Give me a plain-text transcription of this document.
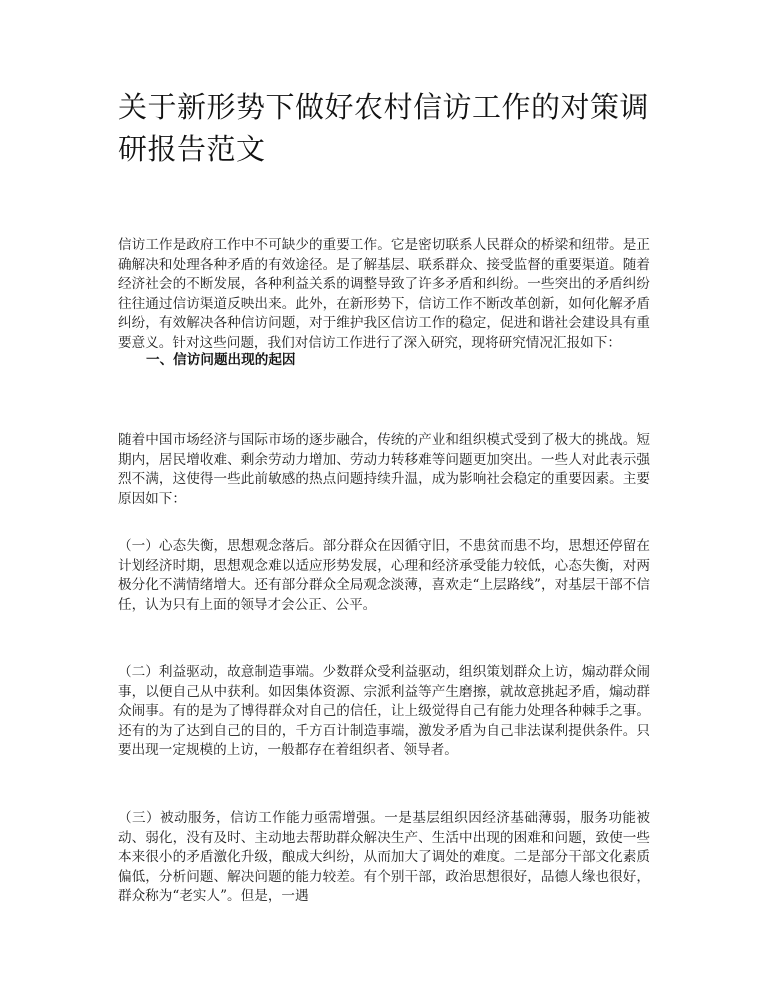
关于新形势下做好农村信访工作的对策调研报告范文

信访工作是政府工作中不可缺少的重要工作。它是密切联系人民群众的桥梁和纽带。是正确解决和处理各种矛盾的有效途径。是了解基层、联系群众、接受监督的重要渠道。随着经济社会的不断发展，各种利益关系的调整导致了许多矛盾和纠纷。一些突出的矛盾纠纷往往通过信访渠道反映出来。此外，在新形势下，信访工作不断改革创新，如何化解矛盾纠纷，有效解决各种信访问题，对于维护我区信访工作的稳定，促进和谐社会建设具有重要意义。针对这些问题，我们对信访工作进行了深入研究，现将研究情况汇报如下：

一、信访问题出现的起因

随着中国市场经济与国际市场的逐步融合，传统的产业和组织模式受到了极大的挑战。短期内，居民增收难、剩余劳动力增加、劳动力转移难等问题更加突出。一些人对此表示强烈不满，这使得一些此前敏感的热点问题持续升温，成为影响社会稳定的重要因素。主要原因如下：

（一）心态失衡，思想观念落后。部分群众在因循守旧，不患贫而患不均，思想还停留在计划经济时期，思想观念难以适应形势发展，心理和经济承受能力较低，心态失衡，对两极分化不满情绪增大。还有部分群众全局观念淡薄，喜欢走“上层路线”，对基层干部不信任，认为只有上面的领导才会公正、公平。

（二）利益驱动，故意制造事端。少数群众受利益驱动，组织策划群众上访，煽动群众闹事，以便自己从中获利。如因集体资源、宗派利益等产生磨擦，就故意挑起矛盾，煽动群众闹事。有的是为了博得群众对自己的信任，让上级觉得自己有能力处理各种棘手之事。还有的为了达到自己的目的，千方百计制造事端，激发矛盾为自己非法谋利提供条件。只要出现一定规模的上访，一般都存在着组织者、领导者。

（三）被动服务，信访工作能力亟需增强。一是基层组织因经济基础薄弱，服务功能被动、弱化，没有及时、主动地去帮助群众解决生产、生活中出现的困难和问题，致使一些本来很小的矛盾激化升级，酿成大纠纷，从而加大了调处的难度。二是部分干部文化素质偏低，分析问题、解决问题的能力较差。有个别干部，政治思想很好，品德人缘也很好，群众称为“老实人”。但是，一遇
